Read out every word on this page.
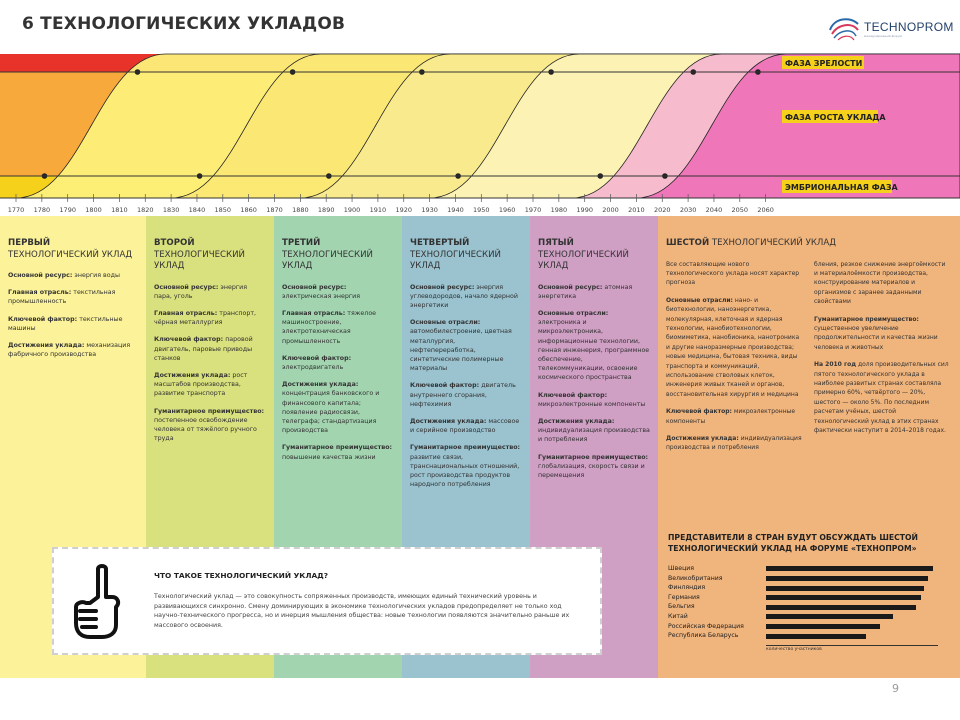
6 ТЕХНОЛОГИЧЕСКИХ УКЛАДОВ	TECHNOPROM
международный форум
1770 1780 1790 1800 1810 1820 1830 1840 1850 1860 1870 1880 1890 1900 1910 1920 1930 1940 1950 1960 1970 1980 1990 2000 2010 2020 2030 2040 2050 2060
ФАЗА ЗРЕЛОСТИ
ФАЗА РОСТА УКЛАДА
ЭМБРИОНАЛЬНАЯ ФАЗА
ПЕРВЫЙ
ТЕХНОЛОГИЧЕСКИЙ УКЛАД

Основной ресурс: энергия воды

Главная отрасль: текстильная промышленность

Ключевой фактор: текстильные машины

Достижения уклада: механизация фабричного производства

ВТОРОЙ
ТЕХНОЛОГИЧЕСКИЙ УКЛАД

Основной ресурс: энергия пара, уголь

Главная отрасль: транспорт, чёрная металлургия

Ключевой фактор: паровой двигатель, паровые приводы станков

Достижения уклада: рост масштабов производства, развитие транспорта

Гуманитарное преимущество: постепенное освобождение человека от тяжёлого ручного труда

ТРЕТИЙ
ТЕХНОЛОГИЧЕСКИЙ УКЛАД

Основной ресурс: электрическая энергия

Главная отрасль: тяжелое машиностроение, электротехническая промышленность

Ключевой фактор: электродвигатель

Достижения уклада: концентрация банковского и финансового капитала; появление радиосвязи, телеграфа; стандартизация производства

Гуманитарное преимущество: повышение качества жизни

ЧЕТВЕРТЫЙ
ТЕХНОЛОГИЧЕСКИЙ УКЛАД

Основной ресурс: энергия углеводородов, начало ядерной энергетики

Основные отрасли: автомобилестроение, цветная металлургия, нефтепереработка, синтетические полимерные материалы

Ключевой фактор: двигатель внутреннего сгорания, нефтехимия

Достижения уклада: массовое и серийное производство

Гуманитарное преимущество: развитие связи, транснациональных отношений, рост производства продуктов народного потребления

ПЯТЫЙ
ТЕХНОЛОГИЧЕСКИЙ УКЛАД

Основной ресурс: атомная энергетика

Основные отрасли: электроника и микроэлектроника, информационные технологии, генная инженерия, программное обеспечение, телекоммуникации, освоение космического пространства

Ключевой фактор: микроэлектронные компоненты

Достижения уклада: индивидуализация производства и потребления

Гуманитарное преимущество: глобализация, скорость связи и перемещения

ШЕСТОЙ ТЕХНОЛОГИЧЕСКИЙ УКЛАД

Все составляющие нового технологического уклада носят характер прогноза

Основные отрасли: нано- и биотехнологии, наноэнергетика, молекулярная, клеточная и ядерная технологии, нанобиотехнологии, биомиметика, нанобионика, нанотроника и другие наноразмерные производства; новые медицина, бытовая техника, виды транспорта и коммуникаций, использование стволовых клеток, инженерия живых тканей и органов, восстановительная хирургия и медицина

Ключевой фактор: микроэлектронные компоненты

Достижения уклада: индивидуализация производства и потребления

бления, резкое снижение энергоёмкости и материалоёмкости производства, конструирование материалов и организмов с заранее заданными свойствами

Гуманитарное преимущество: существенное увеличение продолжительности и качества жизни человека и животных

На 2010 год доля производительных сил пятого технологического уклада в наиболее развитых странах составляла примерно 60%, четвёртого — 20%, шестого — около 5%. По последним расчетам учёных, шестой технологический уклад в этих странах фактически наступит в 2014–2018 годах.

ЧТО ТАКОЕ ТЕХНОЛОГИЧЕСКИЙ УКЛАД?
Технологический уклад — это совокупность сопряженных производств, имеющих единый технический уровень и развивающихся синхронно. Смену доминирующих в экономике технологических укладов предопределяет не только ход научно-технического прогресса, но и инерция мышления общества: новые технологии появляются значительно раньше их массового освоения.
ПРЕДСТАВИТЕЛИ 8 СТРАН БУДУТ ОБСУЖДАТЬ ШЕСТОЙ ТЕХНОЛОГИЧЕСКИЙ УКЛАД НА ФОРУМЕ «ТЕХНОПРОМ»
Швеция
Великобритания
Финляндия
Германия
Бельгия
Китай
Российская Федерация
Республика Беларусь
количество участников
9
